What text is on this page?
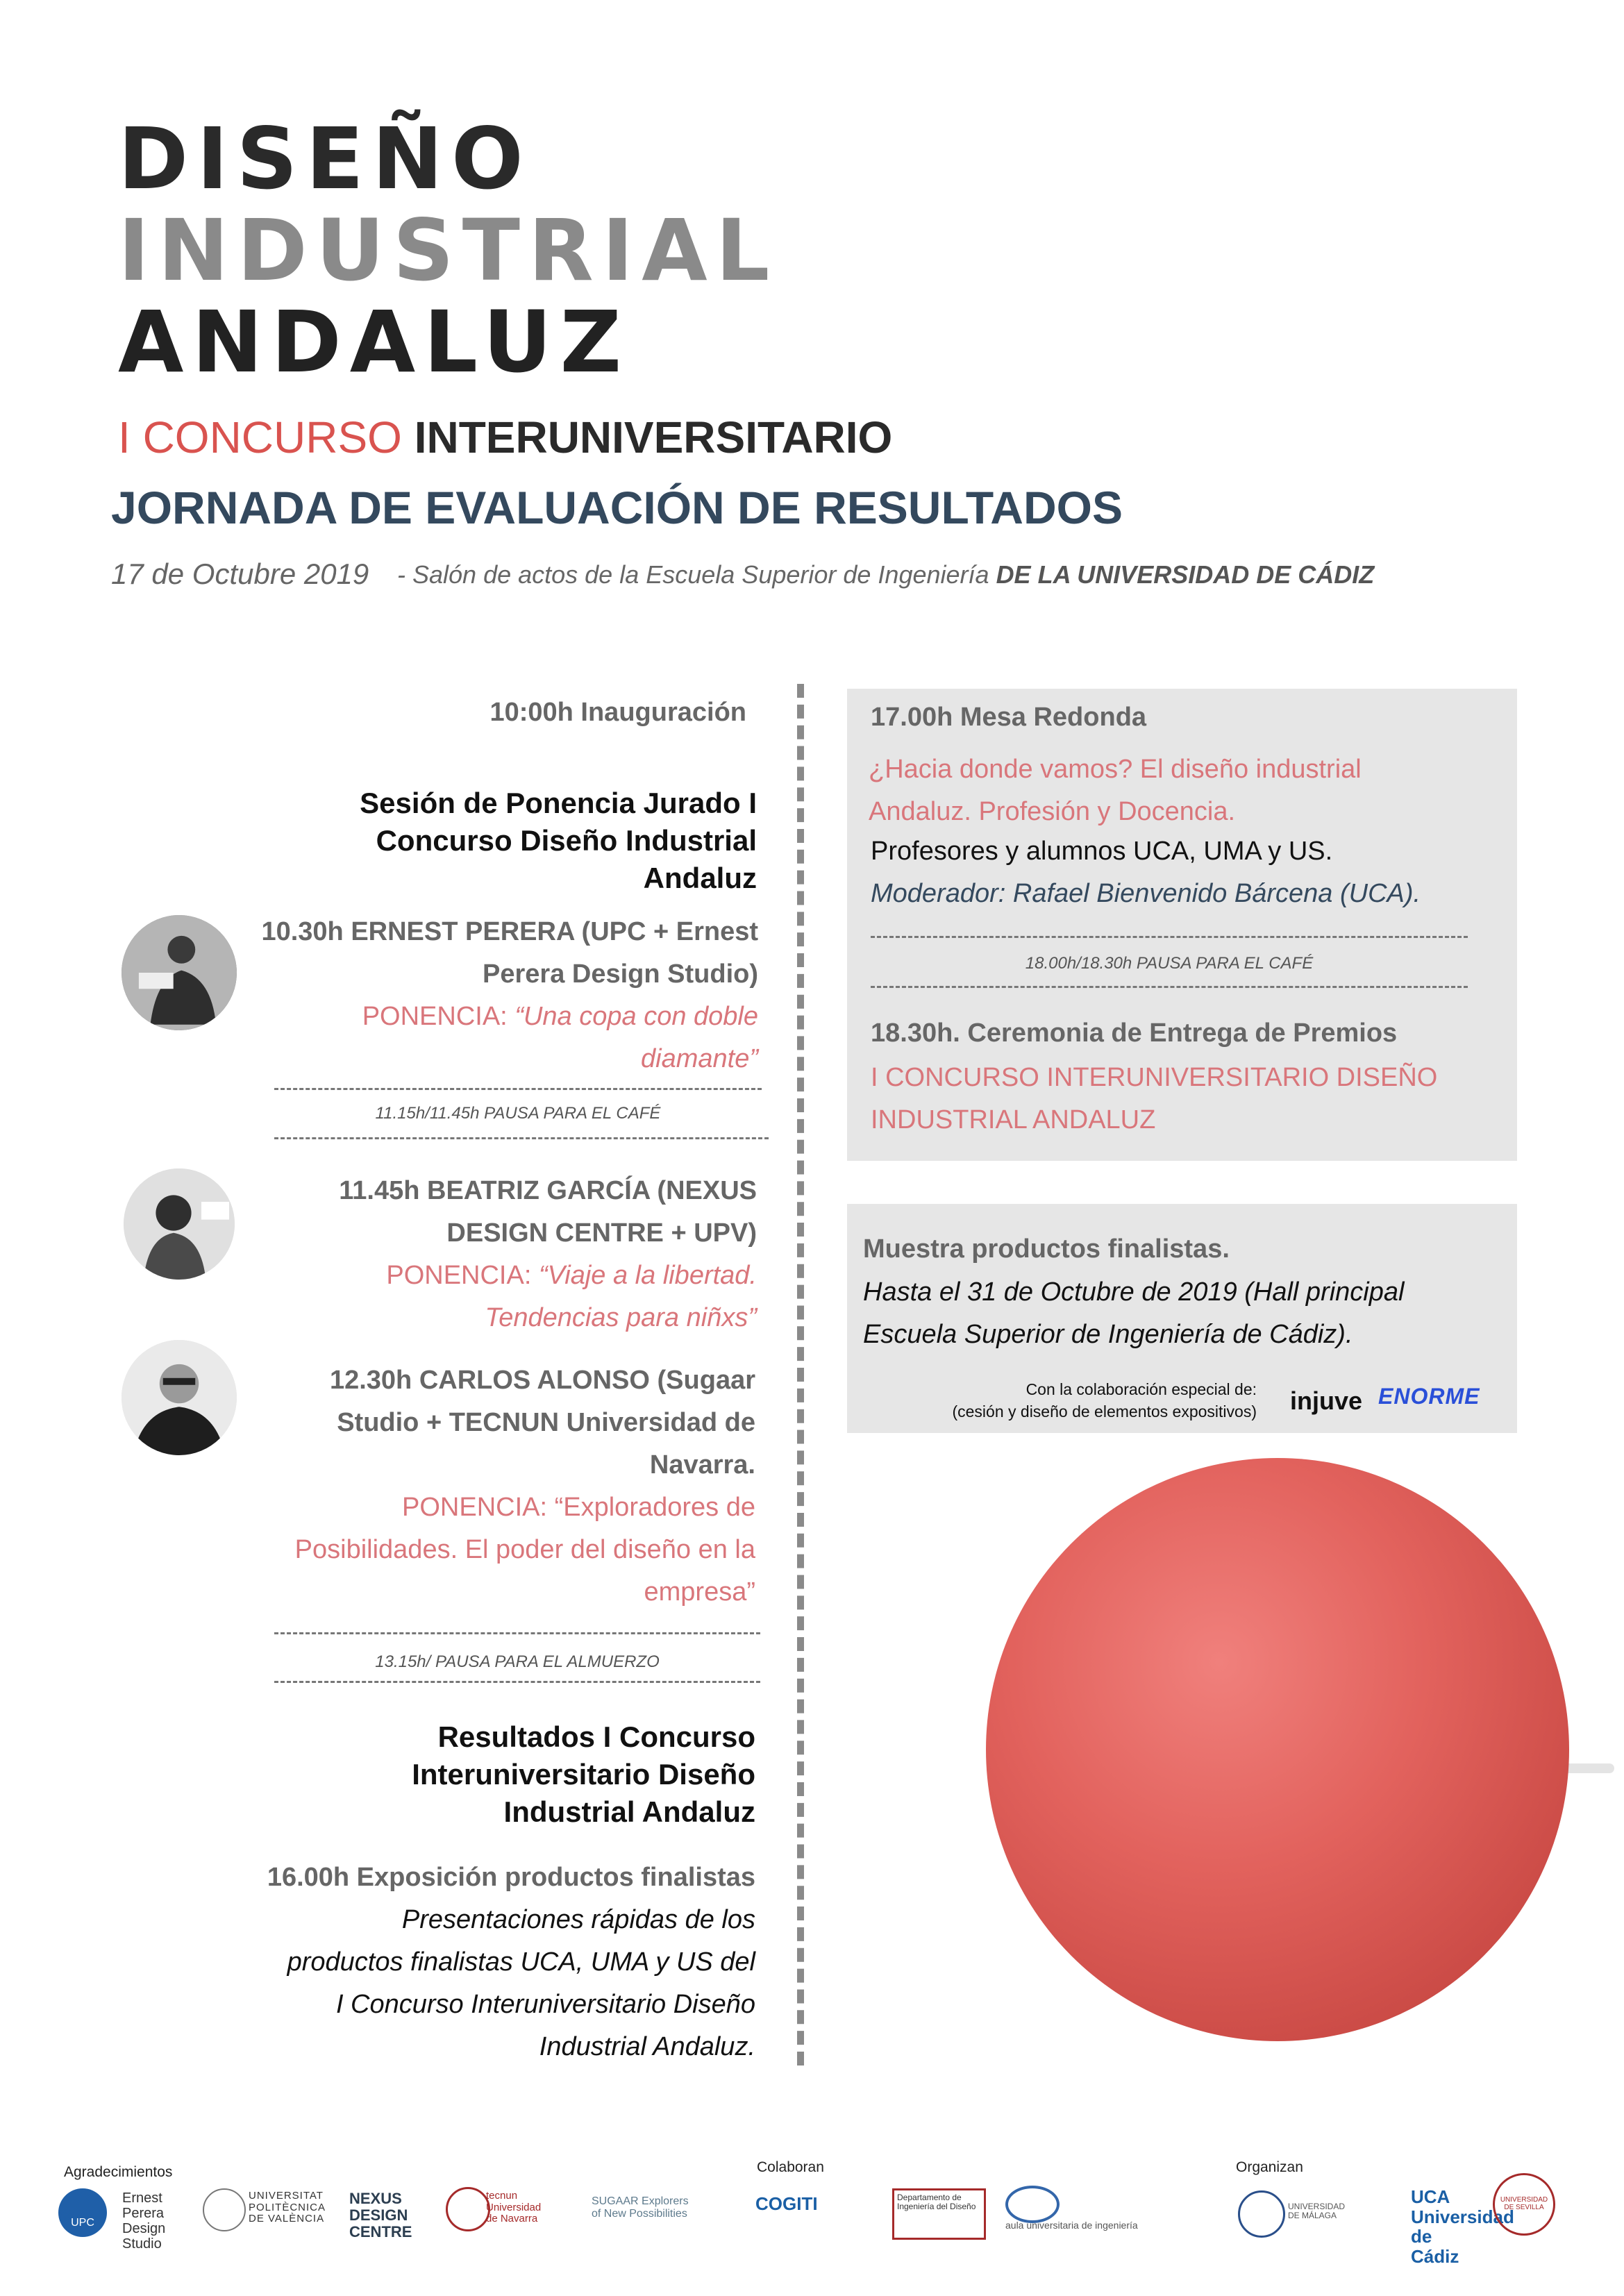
DISEÑO
INDUSTRIAL
ANDALUZ
I CONCURSO INTERUNIVERSITARIO
JORNADA DE EVALUACIÓN DE RESULTADOS
17 de Octubre 2019 - Salón de actos de la Escuela Superior de Ingeniería DE LA UNIVERSIDAD DE CÁDIZ
10:00h Inauguración
Sesión de Ponencia Jurado I
Concurso Diseño Industrial
Andaluz
10.30h ERNEST PERERA (UPC + Ernest
Perera Design Studio)
PONENCIA: “Una copa con doble
diamante”
11.15h/11.45h PAUSA PARA EL CAFÉ
11.45h BEATRIZ GARCÍA (NEXUS
DESIGN CENTRE + UPV)
PONENCIA: “Viaje a la libertad.
Tendencias para niñxs”
12.30h CARLOS ALONSO (Sugaar
Studio + TECNUN Universidad de
Navarra.
PONENCIA: “Exploradores de
Posibilidades. El poder del diseño en la
empresa”
13.15h/ PAUSA PARA EL ALMUERZO
Resultados I Concurso
Interuniversitario Diseño
Industrial Andaluz
16.00h Exposición productos finalistas
Presentaciones rápidas de los
productos finalistas UCA, UMA y US del
I Concurso Interuniversitario Diseño
Industrial Andaluz.
17.00h Mesa Redonda
¿Hacia donde vamos? El diseño industrial
Andaluz. Profesión y Docencia.
Profesores y alumnos UCA, UMA y US.
Moderador: Rafael Bienvenido Bárcena (UCA).
18.00h/18.30h PAUSA PARA EL CAFÉ
18.30h. Ceremonia de Entrega de Premios
I CONCURSO INTERUNIVERSITARIO DISEÑO
INDUSTRIAL ANDALUZ
Muestra productos finalistas.
Hasta el 31 de Octubre de 2019 (Hall principal
Escuela Superior de Ingeniería de Cádiz).
Con la colaboración especial de:
(cesión y diseño de elementos expositivos) injuve ENORME
Agradecimientos	Colaboran	Organizan
UPC
Ernest Perera Design Studio
UNIVERSITAT POLITÈCNICA DE VALÈNCIA
NEXUS DESIGN CENTRE
tecnun Universidad de Navarra
SUGAAR Explorers of New Possibilities	COGITI	Departamento de Ingeniería del Diseño
aula universitaria de ingeniería
UNIVERSIDAD DE MÁLAGA
UCA Universidad de Cádiz
UNIVERSIDAD DE SEVILLA
